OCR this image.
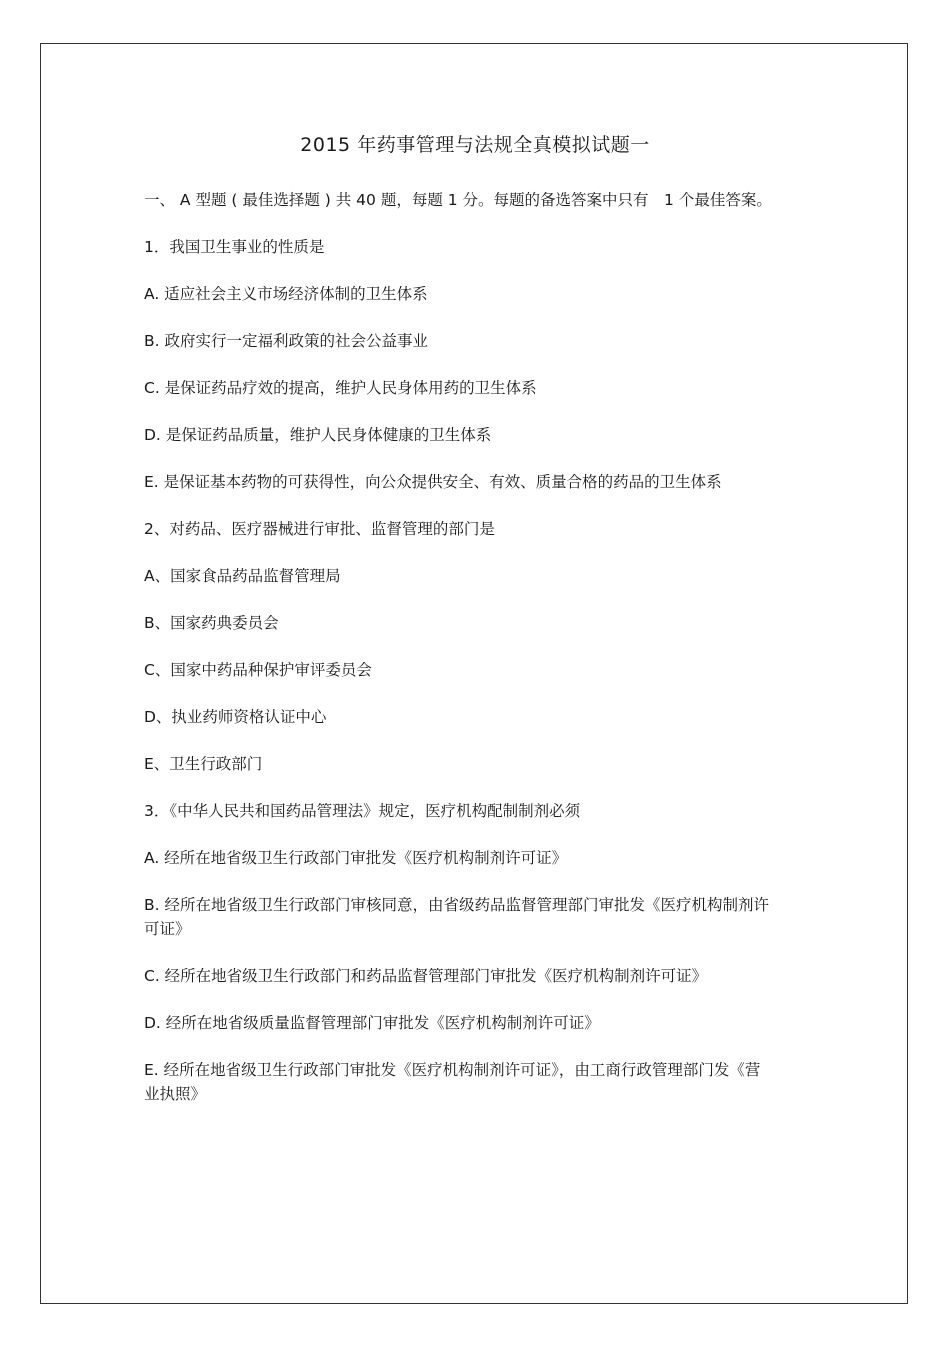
2015 年药事管理与法规全真模拟试题一

一、 A 型题 ( 最佳选择题 ) 共 40 题，每题 1 分。每题的备选答案中只有　1 个最佳答案。

1．我国卫生事业的性质是

A. 适应社会主义市场经济体制的卫生体系

B. 政府实行一定福利政策的社会公益事业

C. 是保证药品疗效的提高，维护人民身体用药的卫生体系

D. 是保证药品质量，维护人民身体健康的卫生体系

E. 是保证基本药物的可获得性，向公众提供安全、有效、质量合格的药品的卫生体系

2、对药品、医疗器械进行审批、监督管理的部门是

A、国家食品药品监督管理局

B、国家药典委员会

C、国家中药品种保护审评委员会

D、执业药师资格认证中心

E、卫生行政部门

3．《中华人民共和国药品管理法》规定，医疗机构配制制剂必须

A. 经所在地省级卫生行政部门审批发《医疗机构制剂许可证》

B. 经所在地省级卫生行政部门审核同意，由省级药品监督管理部门审批发《医疗机构制剂许可证》

C. 经所在地省级卫生行政部门和药品监督管理部门审批发《医疗机构制剂许可证》

D. 经所在地省级质量监督管理部门审批发《医疗机构制剂许可证》

E. 经所在地省级卫生行政部门审批发《医疗机构制剂许可证》，由工商行政管理部门发《营业执照》
